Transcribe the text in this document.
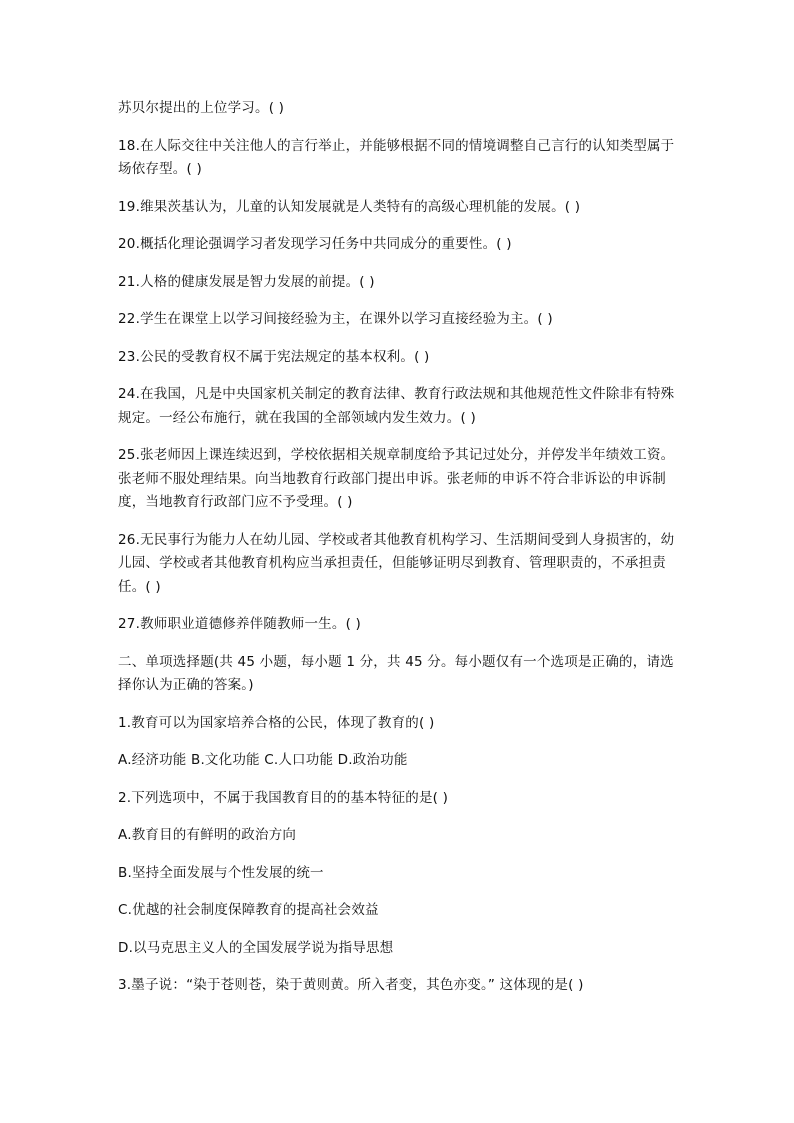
苏贝尔提出的上位学习。( )

18.在人际交往中关注他人的言行举止，并能够根据不同的情境调整自己言行的认知类型属于场依存型。( )

19.维果茨基认为，儿童的认知发展就是人类特有的高级心理机能的发展。( )

20.概括化理论强调学习者发现学习任务中共同成分的重要性。( )

21.人格的健康发展是智力发展的前提。( )

22.学生在课堂上以学习间接经验为主，在课外以学习直接经验为主。( )

23.公民的受教育权不属于宪法规定的基本权利。( )

24.在我国，凡是中央国家机关制定的教育法律、教育行政法规和其他规范性文件除非有特殊规定。一经公布施行，就在我国的全部领域内发生效力。( )

25.张老师因上课连续迟到，学校依据相关规章制度给予其记过处分，并停发半年绩效工资。张老师不服处理结果。向当地教育行政部门提出申诉。张老师的申诉不符合非诉讼的申诉制度，当地教育行政部门应不予受理。( )

26.无民事行为能力人在幼儿园、学校或者其他教育机构学习、生活期间受到人身损害的，幼儿园、学校或者其他教育机构应当承担责任，但能够证明尽到教育、管理职责的，不承担责任。( )

27.教师职业道德修养伴随教师一生。( )

二、单项选择题(共 45 小题，每小题 1 分，共 45 分。每小题仅有一个选项是正确的，请选择你认为正确的答案。)

1.教育可以为国家培养合格的公民，体现了教育的( )

A.经济功能 B.文化功能 C.人口功能 D.政治功能

2.下列选项中，不属于我国教育目的的基本特征的是( )

A.教育目的有鲜明的政治方向

B.坚持全面发展与个性发展的统一

C.优越的社会制度保障教育的提高社会效益

D.以马克思主义人的全国发展学说为指导思想

3.墨子说：“染于苍则苍，染于黄则黄。所入者变，其色亦变。” 这体现的是( )
